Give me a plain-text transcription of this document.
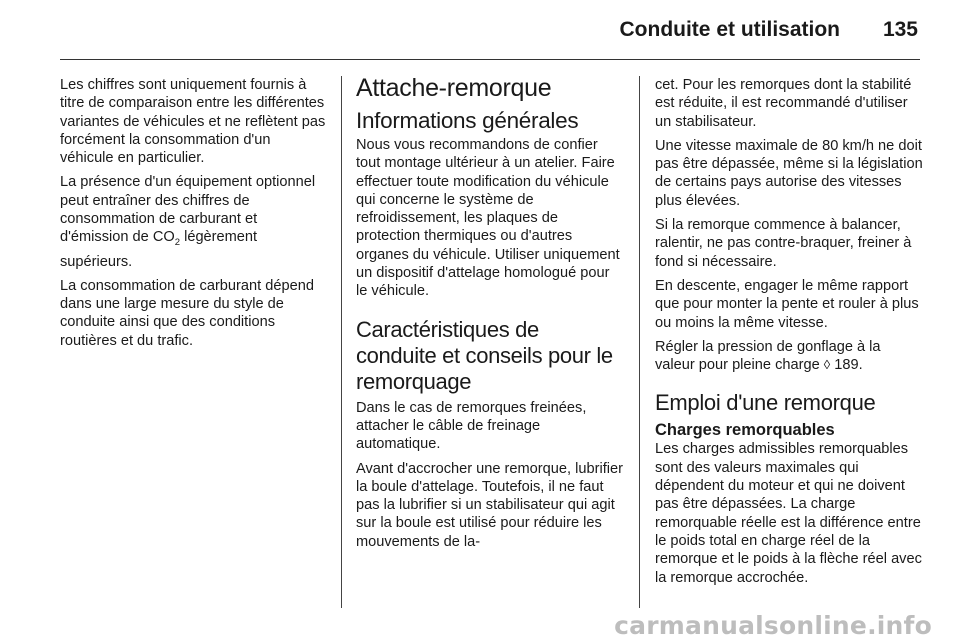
Conduite et utilisation 135

Les chiffres sont uniquement fournis à titre de comparaison entre les différentes variantes de véhicules et ne reflètent pas forcément la consommation d'un véhicule en particulier.

La présence d'un équipement optionnel peut entraîner des chiffres de consommation de carburant et d'émission de $CO_2$ légèrement supérieurs.

La consommation de carburant dépend dans une large mesure du style de conduite ainsi que des conditions routières et du trafic.

Attache-remorque
Informations générales

Nous vous recommandons de confier tout montage ultérieur à un atelier. Faire effectuer toute modification du véhicule qui concerne le système de refroidissement, les plaques de protection thermiques ou d'autres organes du véhicule. Utiliser uniquement un dispositif d'attelage homologué pour le véhicule.

Caractéristiques de conduite et conseils pour le remorquage

Dans le cas de remorques freinées, attacher le câble de freinage automatique.

Avant d'accrocher une remorque, lubrifier la boule d'attelage. Toutefois, il ne faut pas la lubrifier si un stabilisateur qui agit sur la boule est utilisé pour réduire les mouvements de la-

cet. Pour les remorques dont la stabilité est réduite, il est recommandé d'utiliser un stabilisateur.

Une vitesse maximale de 80 km/h ne doit pas être dépassée, même si la législation de certains pays autorise des vitesses plus élevées.

Si la remorque commence à balancer, ralentir, ne pas contre-braquer, freiner à fond si nécessaire.

En descente, engager le même rapport que pour monter la pente et rouler à plus ou moins la même vitesse.

Régler la pression de gonflage à la valeur pour pleine charge ◊ 189.

Emploi d'une remorque
Charges remorquables

Les charges admissibles remorquables sont des valeurs maximales qui dépendent du moteur et qui ne doivent pas être dépassées. La charge remorquable réelle est la différence entre le poids total en charge réel de la remorque et le poids à la flèche réel avec la remorque accrochée.

carmanualsonline.info
